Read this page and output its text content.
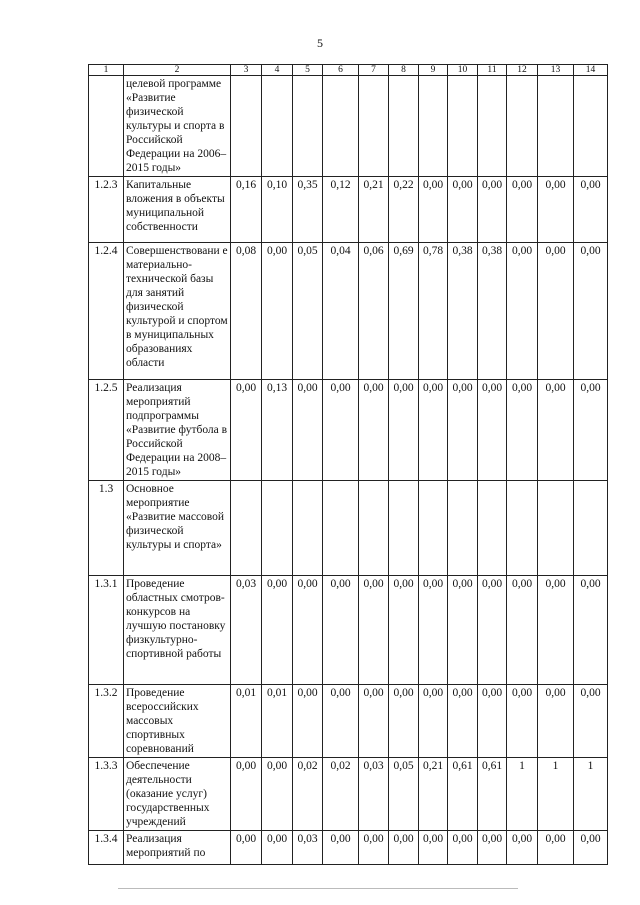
5
1	2	3	4	5	6	7	8	9	10	11	12	13	14
	целевой программе «Развитие физической культуры и спорта в Российской Федерации на 2006–2015 годы»												
1.2.3	Капитальные вложения в объекты муниципальной собственности	0,16	0,10	0,35	0,12	0,21	0,22	0,00	0,00	0,00	0,00	0,00	0,00
1.2.4	Совершенствовани е материально-технической базы для занятий физической культурой и спортом в муниципальных образованиях области	0,08	0,00	0,05	0,04	0,06	0,69	0,78	0,38	0,38	0,00	0,00	0,00
1.2.5	Реализация мероприятий подпрограммы «Развитие футбола в Российской Федерации на 2008–2015 годы»	0,00	0,13	0,00	0,00	0,00	0,00	0,00	0,00	0,00	0,00	0,00	0,00
1.3	Основное мероприятие «Развитие массовой физической культуры и спорта»												
1.3.1	Проведение областных смотров-конкурсов на лучшую постановку физкультурно-спортивной работы	0,03	0,00	0,00	0,00	0,00	0,00	0,00	0,00	0,00	0,00	0,00	0,00
1.3.2	Проведение всероссийских массовых спортивных соревнований	0,01	0,01	0,00	0,00	0,00	0,00	0,00	0,00	0,00	0,00	0,00	0,00
1.3.3	Обеспечение деятельности (оказание услуг) государственных учреждений	0,00	0,00	0,02	0,02	0,03	0,05	0,21	0,61	0,61	1	1	1
1.3.4	Реализация мероприятий по	0,00	0,00	0,03	0,00	0,00	0,00	0,00	0,00	0,00	0,00	0,00	0,00
